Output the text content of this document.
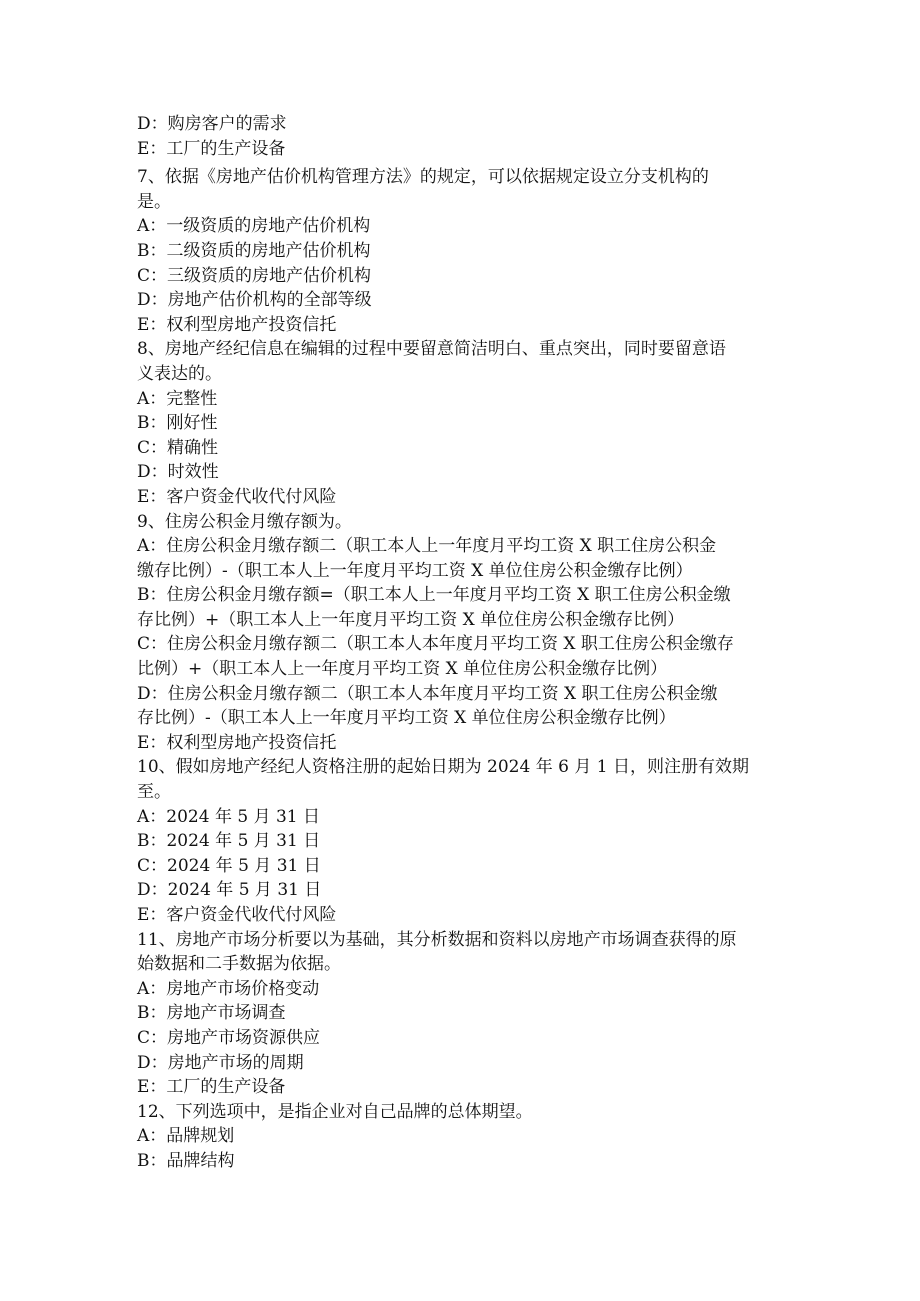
D：购房客户的需求
E：工厂的生产设备
7、依据《房地产估价机构管理方法》的规定，可以依据规定设立分支机构的
是。
A：一级资质的房地产估价机构
B：二级资质的房地产估价机构
C：三级资质的房地产估价机构
D：房地产估价机构的全部等级
E：权利型房地产投资信托
8、房地产经纪信息在编辑的过程中要留意简洁明白、重点突出，同时要留意语
义表达的。
A：完整性
B：刚好性
C：精确性
D：时效性
E：客户资金代收代付风险
9、住房公积金月缴存额为。
A：住房公积金月缴存额二（职工本人上一年度月平均工资 X 职工住房公积金
缴存比例）-（职工本人上一年度月平均工资 X 单位住房公积金缴存比例）
B：住房公积金月缴存额=（职工本人上一年度月平均工资 X 职工住房公积金缴
存比例）+（职工本人上一年度月平均工资 X 单位住房公积金缴存比例）
C：住房公积金月缴存额二（职工本人本年度月平均工资 X 职工住房公积金缴存
比例）+（职工本人上一年度月平均工资 X 单位住房公积金缴存比例）
D：住房公积金月缴存额二（职工本人本年度月平均工资 X 职工住房公积金缴
存比例）-（职工本人上一年度月平均工资 X 单位住房公积金缴存比例）
E：权利型房地产投资信托
10、假如房地产经纪人资格注册的起始日期为 2024 年 6 月 1 日，则注册有效期
至。
A：2024 年 5 月 31 日
B：2024 年 5 月 31 日
C：2024 年 5 月 31 日
D：2024 年 5 月 31 日
E：客户资金代收代付风险
11、房地产市场分析要以为基础，其分析数据和资料以房地产市场调查获得的原
始数据和二手数据为依据。
A：房地产市场价格变动
B：房地产市场调查
C：房地产市场资源供应
D：房地产市场的周期
E：工厂的生产设备
12、下列选项中，是指企业对自己品牌的总体期望。
A：品牌规划
B：品牌结构
